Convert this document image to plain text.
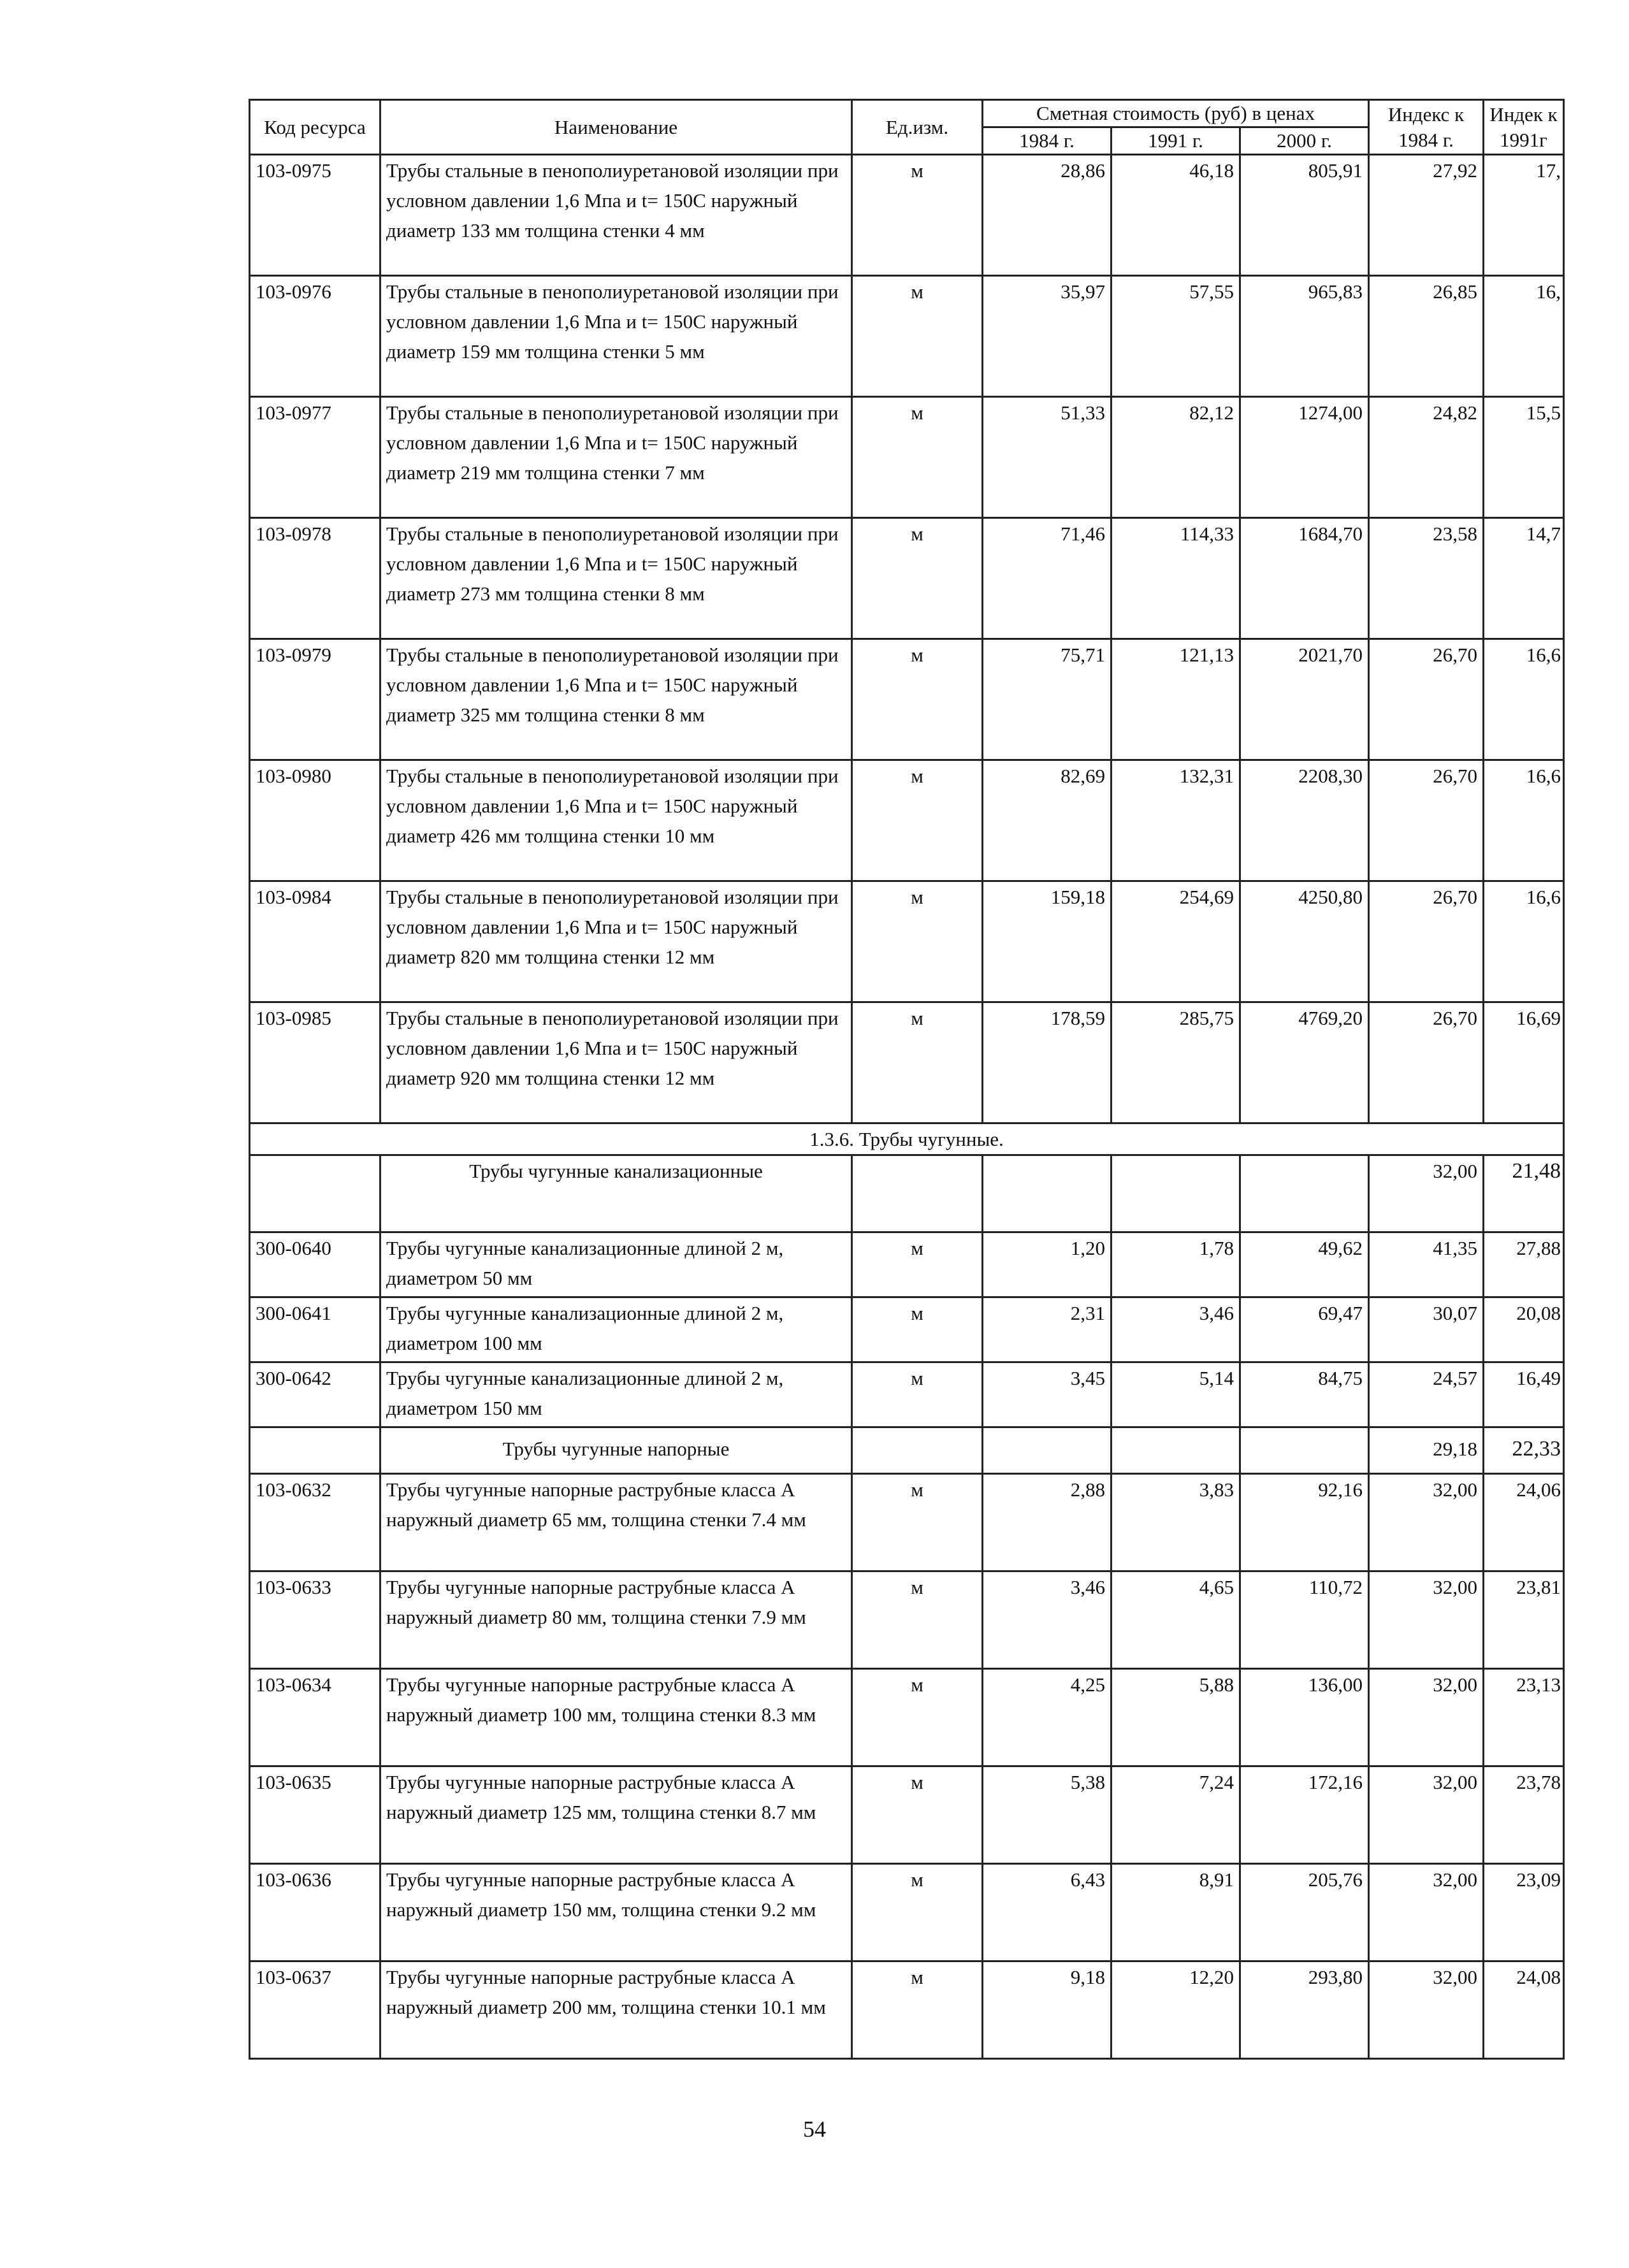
Код ресурса	Наименование	Ед.изм.	Сметная стоимость (руб) в ценах			Индекс к 1984 г.	Индек к 1991г
			1984 г.	1991 г.	2000 г.		
103-0975	Трубы стальные в пенополиуретановой изоляции при условном давлении 1,6 Мпа и t= 150C наружный диаметр 133 мм толщина стенки 4 мм	м	28,86	46,18	805,91	27,92	17,
103-0976	Трубы стальные в пенополиуретановой изоляции при условном давлении 1,6 Мпа и t= 150C наружный диаметр 159 мм толщина стенки 5 мм	м	35,97	57,55	965,83	26,85	16,
103-0977	Трубы стальные в пенополиуретановой изоляции при условном давлении 1,6 Мпа и t= 150C наружный диаметр 219 мм толщина стенки 7 мм	м	51,33	82,12	1274,00	24,82	15,5
103-0978	Трубы стальные в пенополиуретановой изоляции при условном давлении 1,6 Мпа и t= 150C наружный диаметр 273 мм толщина стенки 8 мм	м	71,46	114,33	1684,70	23,58	14,7
103-0979	Трубы стальные в пенополиуретановой изоляции при условном давлении 1,6 Мпа и t= 150C наружный диаметр 325 мм толщина стенки 8 мм	м	75,71	121,13	2021,70	26,70	16,6
103-0980	Трубы стальные в пенополиуретановой изоляции при условном давлении 1,6 Мпа и t= 150C наружный диаметр 426 мм толщина стенки 10 мм	м	82,69	132,31	2208,30	26,70	16,6
103-0984	Трубы стальные в пенополиуретановой изоляции при условном давлении 1,6 Мпа и t= 150C наружный диаметр 820 мм толщина стенки 12 мм	м	159,18	254,69	4250,80	26,70	16,6
103-0985	Трубы стальные в пенополиуретановой изоляции при условном давлении 1,6 Мпа и t= 150C наружный диаметр 920 мм толщина стенки 12 мм	м	178,59	285,75	4769,20	26,70	16,69
1.3.6. Трубы чугунные.							
	Трубы чугунные канализационные					32,00	21,48
300-0640	Трубы чугунные канализационные длиной 2 м, диаметром 50 мм	м	1,20	1,78	49,62	41,35	27,88
300-0641	Трубы чугунные канализационные длиной 2 м, диаметром 100 мм	м	2,31	3,46	69,47	30,07	20,08
300-0642	Трубы чугунные канализационные длиной 2 м, диаметром 150 мм	м	3,45	5,14	84,75	24,57	16,49
	Трубы чугунные напорные					29,18	22,33
103-0632	Трубы чугунные напорные раструбные класса А наружный диаметр 65 мм, толщина стенки 7.4 мм	м	2,88	3,83	92,16	32,00	24,06
103-0633	Трубы чугунные напорные раструбные класса А наружный диаметр 80 мм, толщина стенки 7.9 мм	м	3,46	4,65	110,72	32,00	23,81
103-0634	Трубы чугунные напорные раструбные класса А наружный диаметр 100 мм, толщина стенки 8.3 мм	м	4,25	5,88	136,00	32,00	23,13
103-0635	Трубы чугунные напорные раструбные класса А наружный диаметр 125 мм, толщина стенки 8.7 мм	м	5,38	7,24	172,16	32,00	23,78
103-0636	Трубы чугунные напорные раструбные класса А наружный диаметр 150 мм, толщина стенки 9.2 мм	м	6,43	8,91	205,76	32,00	23,09
103-0637	Трубы чугунные напорные раструбные класса А наружный диаметр 200 мм, толщина стенки 10.1 мм	м	9,18	12,20	293,80	32,00	24,08
54
